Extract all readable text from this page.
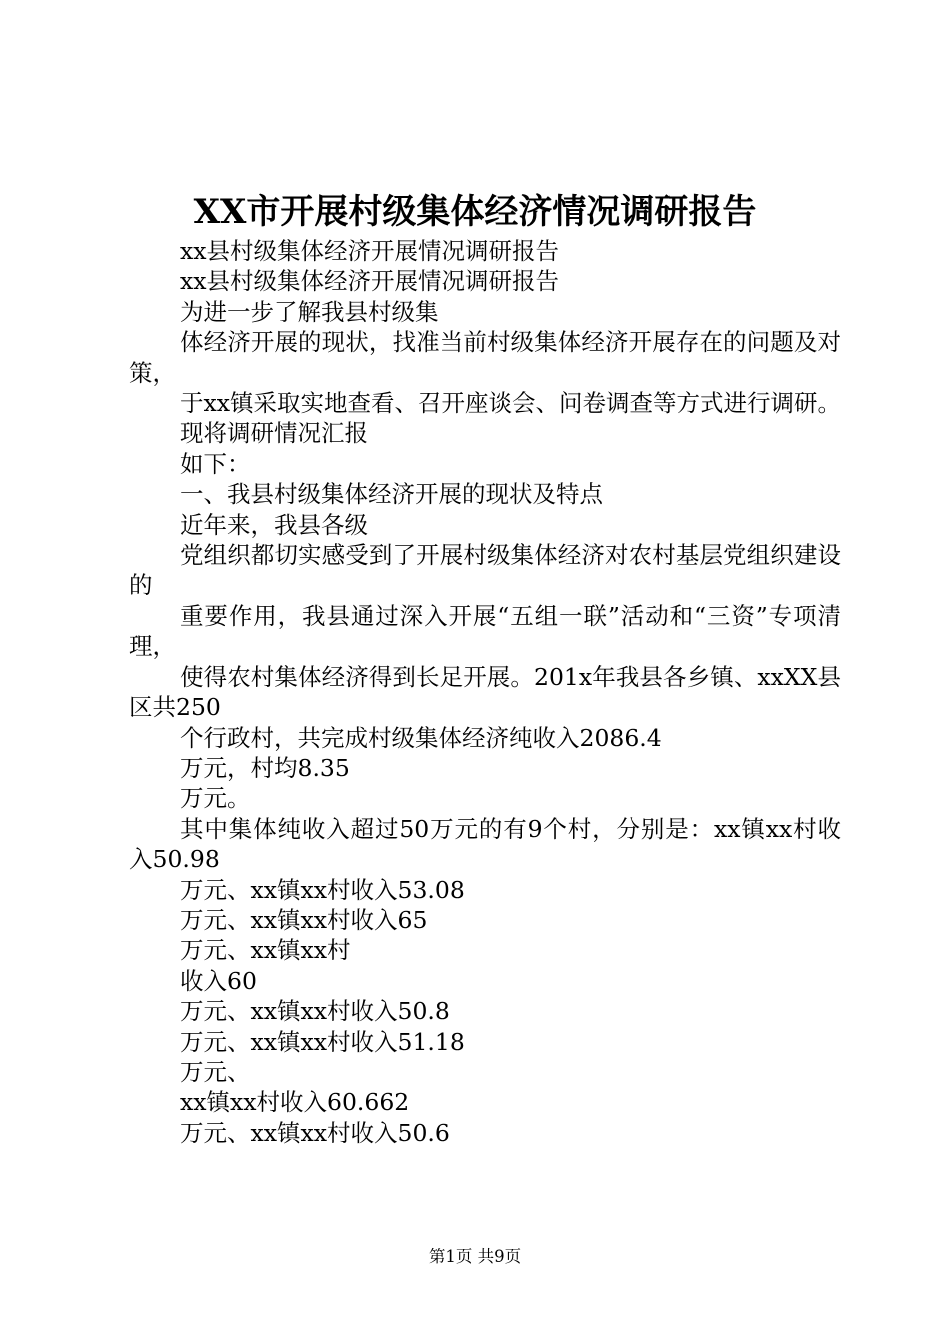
XX市开展村级集体经济情况调研报告

xx县村级集体经济开展情况调研报告

xx县村级集体经济开展情况调研报告

为进一步了解我县村级集

体经济开展的现状，找准当前村级集体经济开展存在的问题及对策，

于xx镇采取实地查看、召开座谈会、问卷调查等方式进行调研。

现将调研情况汇报

如下：

一、我县村级集体经济开展的现状及特点

近年来，我县各级

党组织都切实感受到了开展村级集体经济对农村基层党组织建设的

重要作用，我县通过深入开展“五组一联”活动和“三资”专项清理，

使得农村集体经济得到长足开展。201x年我县各乡镇、xxXX县区共250

个行政村，共完成村级集体经济纯收入2086.4

万元，村均8.35

万元。

其中集体纯收入超过50万元的有9个村，分别是：xx镇xx村收入50.98

万元、xx镇xx村收入53.08

万元、xx镇xx村收入65

万元、xx镇xx村

收入60

万元、xx镇xx村收入50.8

万元、xx镇xx村收入51.18

万元、

xx镇xx村收入60.662

万元、xx镇xx村收入50.6

第1页 共9页
